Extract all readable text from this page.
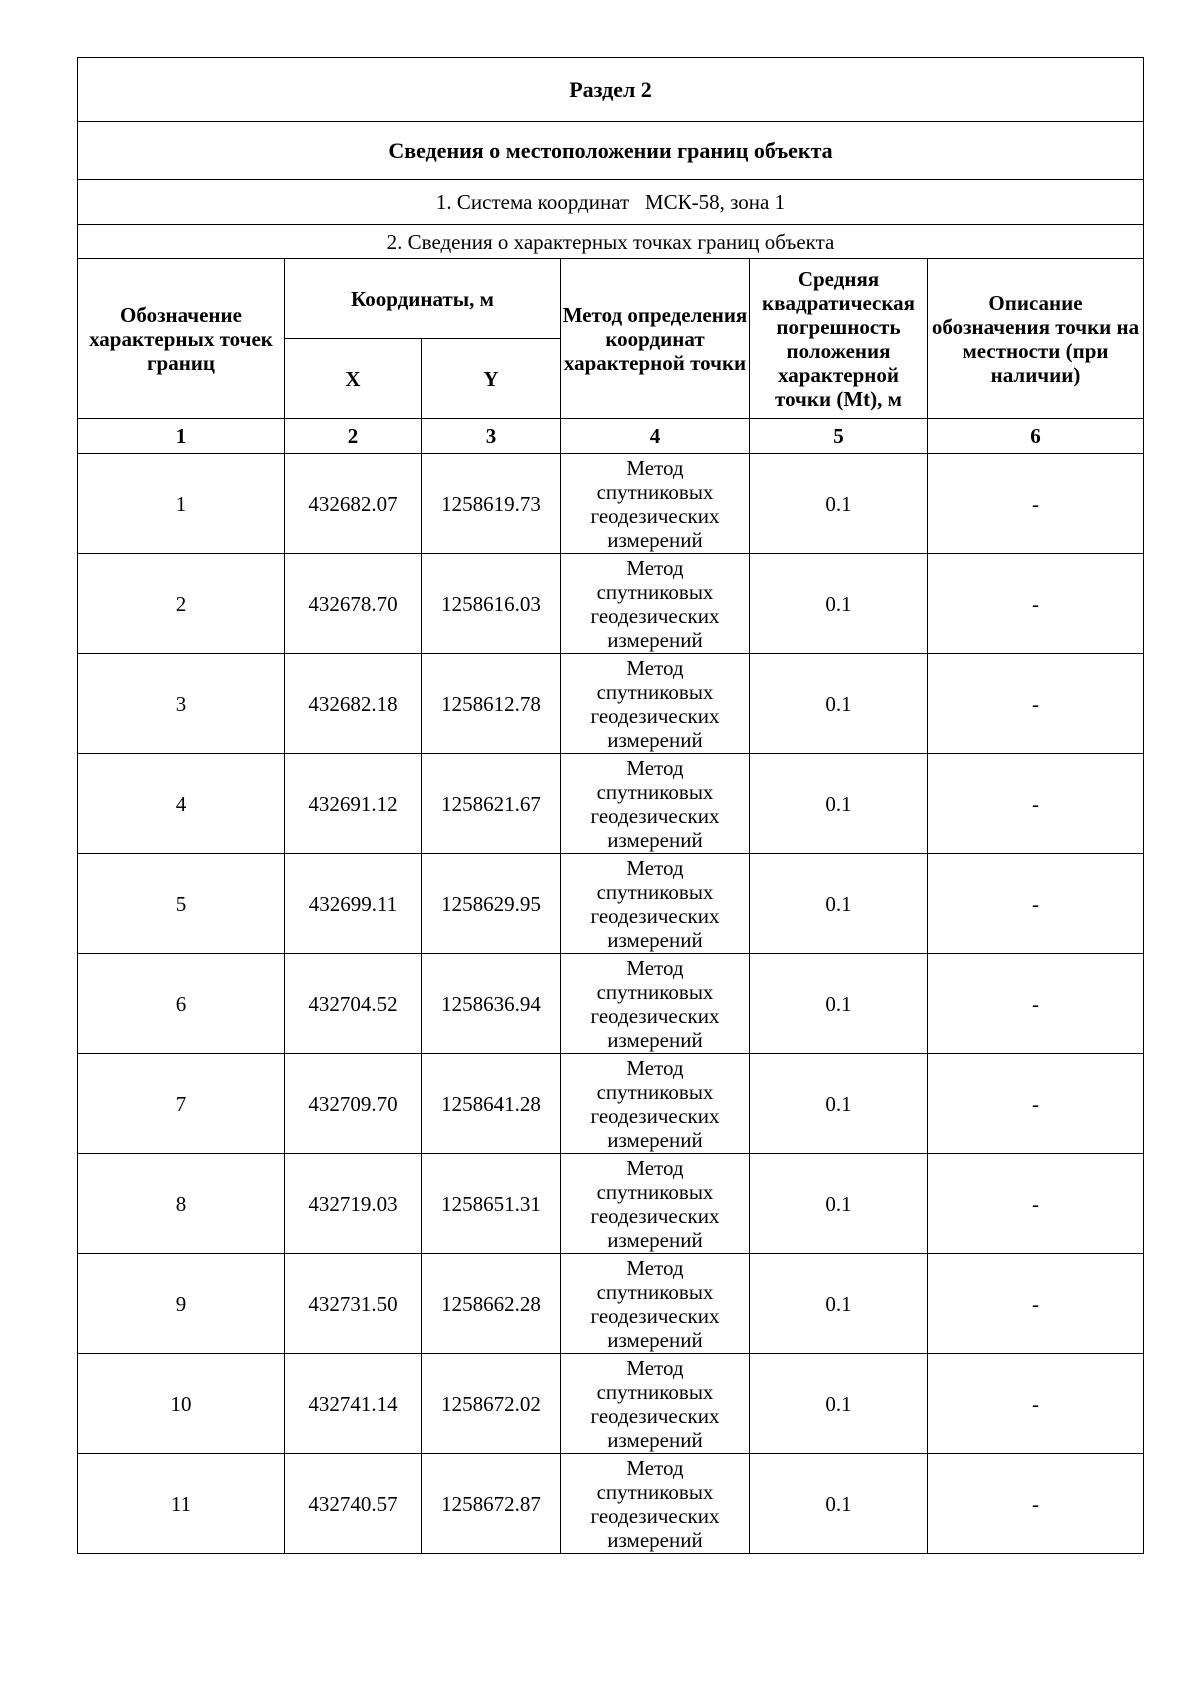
Раздел 2					
Сведения о местоположении границ объекта					
1. Система координат   МСК-58, зона 1					
2. Сведения о характерных точках границ объекта					
Обозначение характерных точек границ	Координаты, м		Метод определения координат характерной точки	Средняя квадратическая погрешность положения характерной точки (Mt), м	Описание обозначения точки на местности (при наличии)
	X	Y			
1	2	3	4	5	6
1	432682.07	1258619.73	Метод спутниковых геодезических измерений	0.1	-
2	432678.70	1258616.03	Метод спутниковых геодезических измерений	0.1	-
3	432682.18	1258612.78	Метод спутниковых геодезических измерений	0.1	-
4	432691.12	1258621.67	Метод спутниковых геодезических измерений	0.1	-
5	432699.11	1258629.95	Метод спутниковых геодезических измерений	0.1	-
6	432704.52	1258636.94	Метод спутниковых геодезических измерений	0.1	-
7	432709.70	1258641.28	Метод спутниковых геодезических измерений	0.1	-
8	432719.03	1258651.31	Метод спутниковых геодезических измерений	0.1	-
9	432731.50	1258662.28	Метод спутниковых геодезических измерений	0.1	-
10	432741.14	1258672.02	Метод спутниковых геодезических измерений	0.1	-
11	432740.57	1258672.87	Метод спутниковых геодезических измерений	0.1	-
